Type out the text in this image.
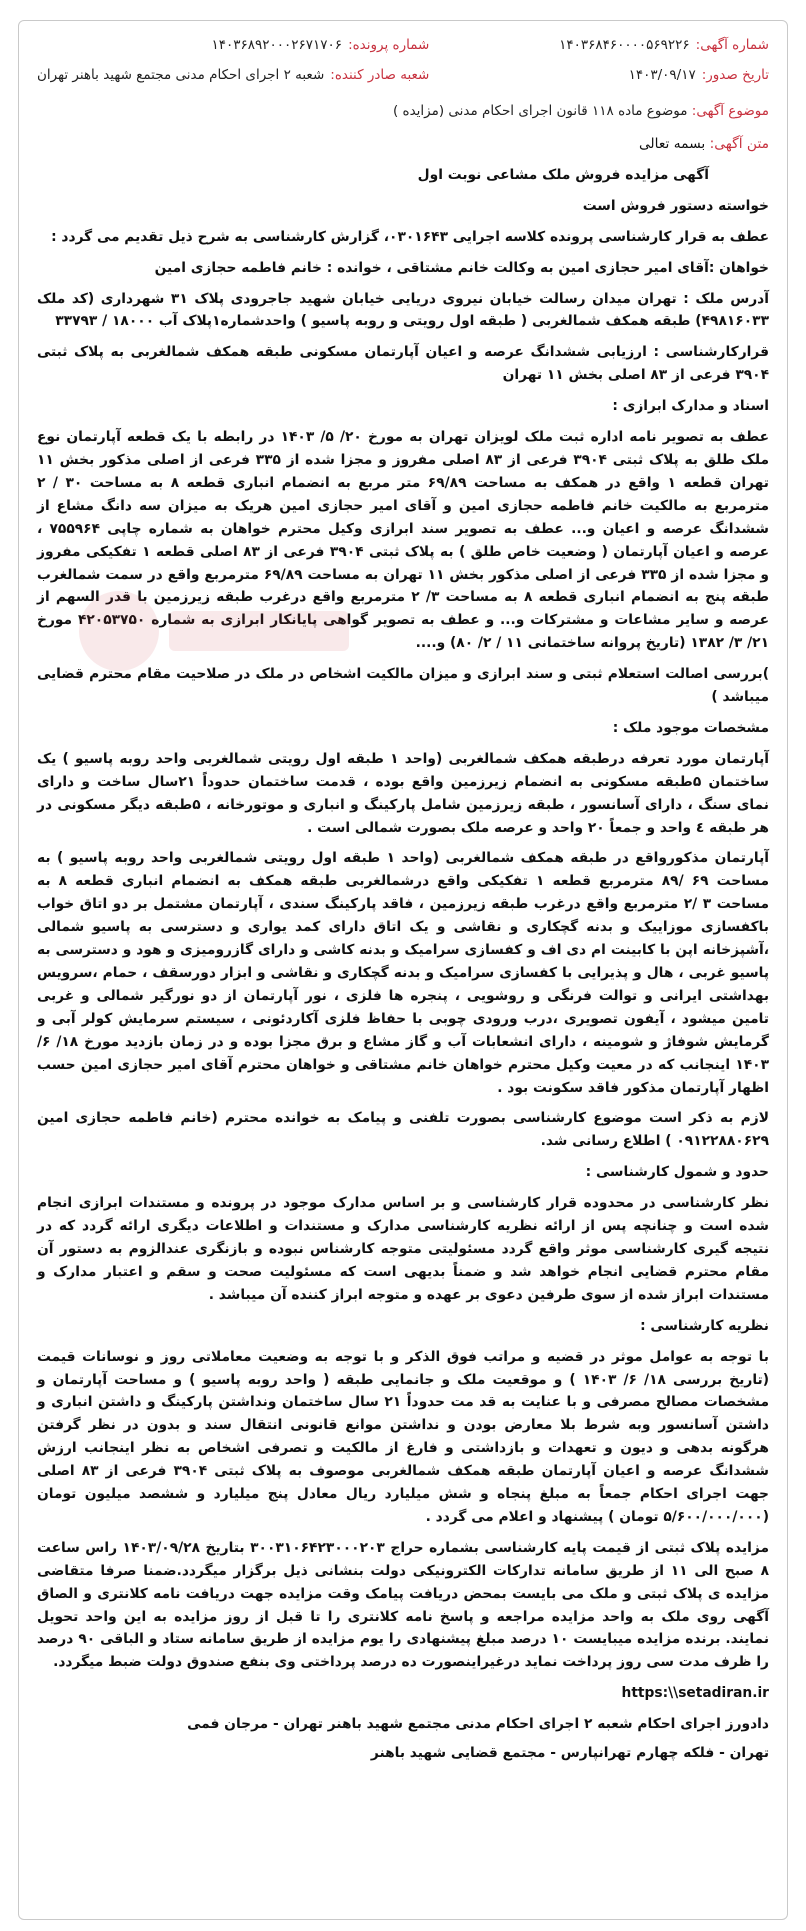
شماره آگهی:
۱۴۰۳۶۸۴۶۰۰۰۰۵۶۹۲۲۶
شماره پرونده:
۱۴۰۳۶۸۹۲۰۰۰۲۶۷۱۷۰۶
تاریخ صدور:
۱۴۰۳/۰۹/۱۷
شعبه صادر کننده:
شعبه ۲ اجرای احکام مدنی مجتمع شهید باهنر تهران
موضوع آگهی: موضوع ماده ۱۱۸ قانون اجرای احکام مدنی (مزایده )

متن آگهی: بسمه تعالی

آگهی مزایده فروش ملک مشاعی نوبت اول

خواسته دستور فروش است

عطف به قرار کارشناسی پرونده کلاسه اجرایی ۰۳۰۱۶۴۳، گزارش کارشناسی به شرح ذیل تقدیم می گردد :

خواهان :آقای امیر حجازی امین به وکالت خانم مشتاقی ، خوانده : خانم فاطمه حجازی امین

آدرس ملک : تهران میدان رسالت خیابان نیروی دریایی خیابان شهید جاجرودی پلاک ۳۱ شهرداری (کد ملک ۴۹۸۱۶۰۳۳) طبقه همکف شمالغربی ( طبقه اول رویتی و روبه پاسیو ) واحدشماره۱پلاک آب ۱۸۰۰۰ / ۳۳۷۹۳

قرارکارشناسی : ارزیابی ششدانگ عرصه و اعیان آپارتمان مسکونی طبقه همکف شمالغربی به پلاک ثبتی ۳۹۰۴ فرعی از ۸۳ اصلی بخش ۱۱ تهران

اسناد و مدارک ابرازی :

عطف به تصویر نامه اداره ثبت ملک لویزان تهران به مورخ ۲۰/ ۵/ ۱۴۰۳ در رابطه با یک قطعه آپارتمان نوع ملک طلق به پلاک ثبتی ۳۹۰۴ فرعی از ۸۳ اصلی مفروز و مجزا شده از ۳۳۵ فرعی از اصلی مذکور بخش ۱۱ تهران قطعه ۱ واقع در همکف به مساحت ۶۹/۸۹ متر مربع به انضمام انباری قطعه ۸ به مساحت ۳۰ / ۲ مترمربع به مالکیت خانم فاطمه حجازی امین و آقای امیر حجازی امین هریک به میزان سه دانگ مشاع از ششدانگ عرصه و اعیان و... عطف به تصویر سند ابرازی وکیل محترم خواهان به شماره چاپی ۷۵۵۹۶۴ ، عرصه و اعیان آپارتمان ( وضعیت خاص طلق ) به پلاک ثبتی ۳۹۰۴ فرعی از ۸۳ اصلی قطعه ۱ تفکیکی مفروز و مجزا شده از ۳۳۵ فرعی از اصلی مذکور بخش ۱۱ تهران به مساحت ۶۹/۸۹ مترمربع واقع در سمت شمالغرب طبقه پنج به انضمام انباری قطعه ۸ به مساحت ۳/ ۲ مترمربع واقع درغرب طبقه زیرزمین با قدر السهم از عرصه و سایر مشاعات و مشترکات و... و عطف به تصویر گواهی پایانکار ابرازی به شماره ۴۲۰۵۳۷۵۰ مورخ ۲۱/ ۳/ ۱۳۸۲ (تاریخ پروانه ساختمانی ۱۱ / ۲/ ۸۰) و....

)بررسی اصالت استعلام ثبتی و سند ابرازی و میزان مالکیت اشخاص در ملک در صلاحیت مقام محترم قضایی میباشد )

مشخصات موجود ملک :

آپارتمان مورد تعرفه درطبقه همکف شمالغربی (واحد ۱ طبقه اول رویتی شمالغربی واحد روبه پاسیو ) یک ساختمان ۵طبقه مسکونی به انضمام زیرزمین واقع بوده ، قدمت ساختمان حدوداً ۲۱سال ساخت و دارای نمای سنگ ، دارای آسانسور ، طبقه زیرزمین شامل پارکینگ و انباری و موتورخانه ، ۵طبقه دیگر مسکونی در هر طبقه ٤ واحد و جمعاً ۲۰ واحد و عرصه ملک بصورت شمالی است .

آپارتمان مذکورواقع در طبقه همکف شمالغربی (واحد ۱ طبقه اول رویتی شمالغربی واحد روبه پاسیو ) به مساحت ۶۹ /۸۹ مترمربع قطعه ۱ تفکیکی واقع درشمالغربی طبقه همکف به انضمام انباری قطعه ۸ به مساحت ۳ /۲ مترمربع واقع درغرب طبقه زیرزمین ، فاقد پارکینگ سندی ، آپارتمان مشتمل بر دو اتاق خواب باکفسازی موزاییک و بدنه گچکاری و نقاشی و یک اتاق دارای کمد یواری و دسترسی به پاسیو شمالی ،آشپزخانه اپن با کابینت ام دی اف و کفسازی سرامیک و بدنه کاشی و دارای گازرومیزی و هود و دسترسی به پاسیو غربی ، هال و پذیرایی با کفسازی سرامیک و بدنه گچکاری و نقاشی و ابزار دورسقف ، حمام ،سرویس بهداشتی ایرانی و توالت فرنگی و روشویی ، پنجره ها فلزی ، نور آپارتمان از دو نورگیر شمالی و غربی تامین میشود ، آیفون تصویری ،درب ورودی چوبی با حفاظ فلزی آکاردئونی ، سیستم سرمایش کولر آبی و گرمایش شوفاژ و شومینه ، دارای انشعابات آب و گاز مشاع و برق مجزا بوده و در زمان بازدید مورخ ۱۸/ ۶/ ۱۴۰۳ اینجانب که در معیت وکیل محترم خواهان خانم مشتاقی و خواهان محترم آقای امیر حجازی امین حسب اظهار آپارتمان مذکور فاقد سکونت بود .

لازم به ذکر است موضوع کارشناسی بصورت تلفنی و پیامک به خوانده محترم (خانم فاطمه حجازی امین ۰۹۱۲۲۸۸۰۶۲۹ ) اطلاع رسانی شد.

حدود و شمول کارشناسی :

نظر کارشناسی در محدوده قرار کارشناسی و بر اساس مدارک موجود در پرونده و مستندات ابرازی انجام شده است و چنانچه پس از ارائه نظریه کارشناسی مدارک و مستندات و اطلاعات دیگری ارائه گردد که در نتیجه گیری کارشناسی موثر واقع گردد مسئولیتی متوجه کارشناس نبوده و بازنگری عندالزوم به دستور آن مقام محترم قضایی انجام خواهد شد و ضمناً بدیهی است که مسئولیت صحت و سقم و اعتبار مدارک و مستندات ابراز شده از سوی طرفین دعوی بر عهده و متوجه ابراز کننده آن میباشد .

نظریه کارشناسی :

با توجه به عوامل موثر در قضیه و مراتب فوق الذکر و با توجه به وضعیت معاملاتی روز و نوسانات قیمت (تاریخ بررسی ۱۸/ ۶/ ۱۴۰۳ ) و موقعیت ملک و جانمایی طبقه ( واحد روبه پاسیو ) و مساحت آپارتمان و مشخصات مصالح مصرفی و با عنایت به قد مت حدوداً ۲۱ سال ساختمان ونداشتن پارکینگ و داشتن انباری و داشتن آسانسور وبه شرط بلا معارض بودن و نداشتن موانع قانونی انتقال سند و بدون در نظر گرفتن هرگونه بدهی و دیون و تعهدات و بازداشتی و فارغ از مالکیت و تصرفی اشخاص به نظر اینجانب ارزش ششدانگ عرصه و اعیان آپارتمان طبقه همکف شمالغربی موصوف به پلاک ثبتی ۳۹۰۴ فرعی از ۸۳ اصلی جهت اجرای احکام جمعاً به مبلغ پنجاه و شش میلیارد ریال معادل پنج میلیارد و ششصد میلیون تومان (۵/۶۰۰/۰۰۰/۰۰۰ تومان ) پیشنهاد و اعلام می گردد .

مزایده پلاک ثبتی از قیمت پایه کارشناسی بشماره حراج ۳۰۰۳۱۰۶۴۲۳۰۰۰۲۰۳ بتاریخ ۱۴۰۳/۰۹/۲۸ راس ساعت ۸ صبح الی ۱۱ از طریق سامانه تدارکات الکترونیکی دولت بنشانی ذیل برگزار میگردد.ضمنا صرفا متقاضی مزایده ی پلاک ثبتی و ملک می بایست بمحض دریافت پیامک وقت مزایده جهت دریافت نامه کلانتری و الصاق آگهی روی ملک به واحد مزایده مراجعه و پاسخ نامه کلانتری را تا قبل از روز مزایده به این واحد تحویل نمایند. برنده مزایده میبایست ۱۰ درصد مبلغ پیشنهادی را یوم مزایده از طریق سامانه ستاد و الباقی ۹۰ درصد را ظرف مدت سی روز پرداخت نماید درغیراینصورت ده درصد پرداختی وی بنفع صندوق دولت ضبط میگردد.

https:\\setadiran.ir

دادورز اجرای احکام شعبه ۲ اجرای احکام مدنی مجتمع شهید باهنر تهران - مرجان فمی

تهران - فلکه چهارم تهرانپارس - مجتمع قضایی شهید باهنر
